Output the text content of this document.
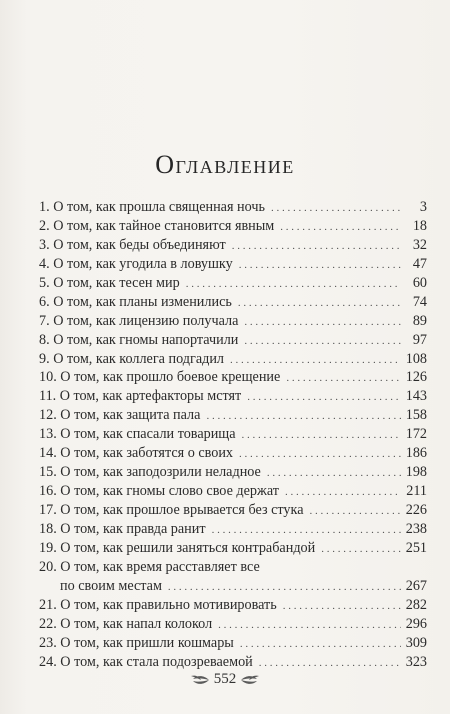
Оглавление
1. О том, как прошла священная ночь . . .	3
2. О том, как тайное становится явным . . .	18
3. О том, как беды объединяют . . .	32
4. О том, как угодила в ловушку . . .	47
5. О том, как тесен мир . . .	60
6. О том, как планы изменились . . .	74
7. О том, как лицензию получала . . .	89
8. О том, как гномы напортачили . . .	97
9. О том, как коллега подгадил . . .	108
10. О том, как прошло боевое крещение . . .	126
11. О том, как артефакторы мстят . . .	143
12. О том, как защита пала . . .	158
13. О том, как спасали товарища . . .	172
14. О том, как заботятся о своих . . .	186
15. О том, как заподозрили неладное . . .	198
16. О том, как гномы слово свое держат . . .	211
17. О том, как прошлое врывается без стука . . .	226
18. О том, как правда ранит . . .	238
19. О том, как решили заняться контрабандой . . .	251
20. О том, как время расставляет все
по своим местам . . .	267
21. О том, как правильно мотивировать . . .	282
22. О том, как напал колокол . . .	296
23. О том, как пришли кошмары . . .	309
24. О том, как стала подозреваемой . . .	323
552
